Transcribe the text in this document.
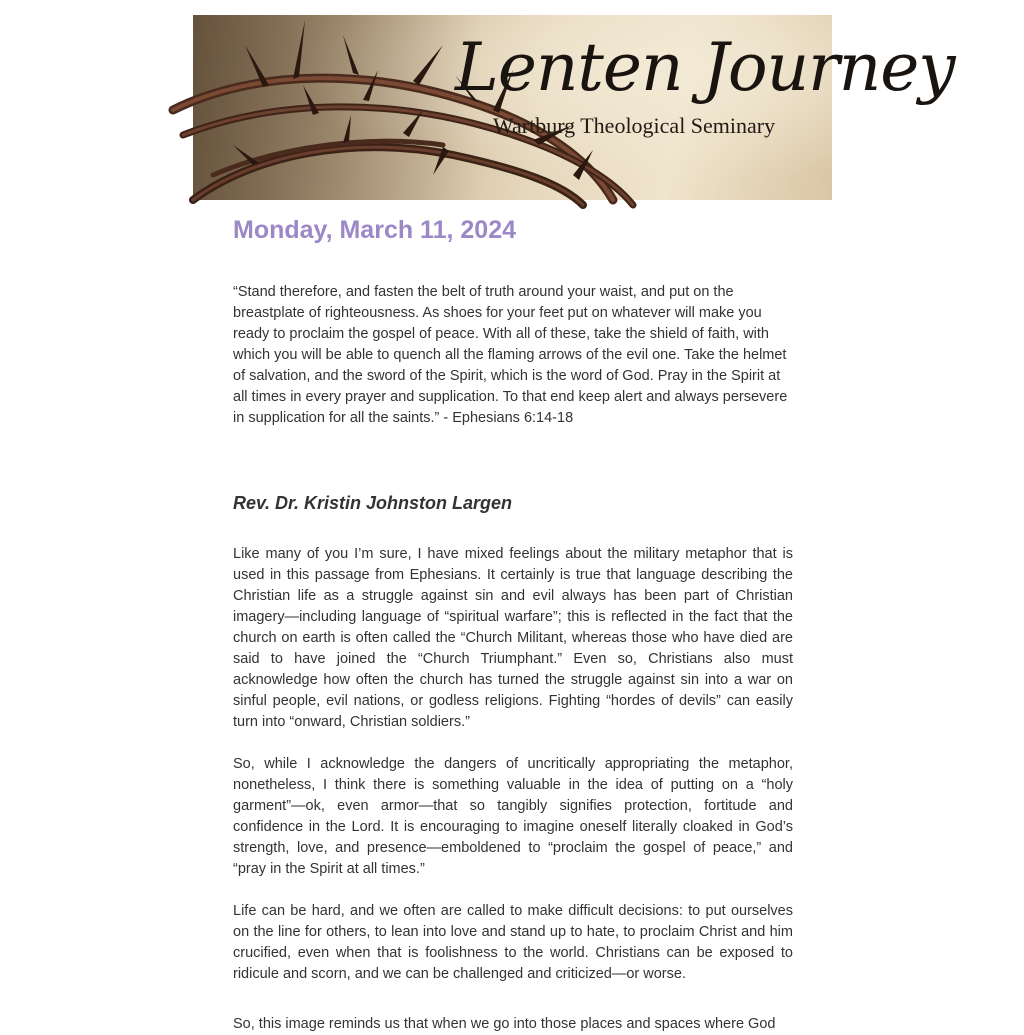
Lenten Journey
Wartburg Theological Seminary
Monday, March 11, 2024

“Stand therefore, and fasten the belt of truth around your waist, and put on the breastplate of righteousness. As shoes for your feet put on whatever will make you ready to proclaim the gospel of peace. With all of these, take the shield of faith, with which you will be able to quench all the flaming arrows of the evil one. Take the helmet of salvation, and the sword of the Spirit, which is the word of God. Pray in the Spirit at all times in every prayer and supplication. To that end keep alert and always persevere in supplication for all the saints.” - Ephesians 6:14-18

Rev. Dr. Kristin Johnston Largen

Like many of you I’m sure, I have mixed feelings about the military metaphor that is used in this passage from Ephesians. It certainly is true that language describing the Christian life as a struggle against sin and evil always has been part of Christian imagery—including language of “spiritual warfare”; this is reflected in the fact that the church on earth is often called the “Church Militant, whereas those who have died are said to have joined the “Church Triumphant.” Even so, Christians also must acknowledge how often the church has turned the struggle against sin into a war on sinful people, evil nations, or godless religions. Fighting “hordes of devils” can easily turn into “onward, Christian soldiers.”

So, while I acknowledge the dangers of uncritically appropriating the metaphor, nonetheless, I think there is something valuable in the idea of putting on a “holy garment”—ok, even armor—that so tangibly signifies protection, fortitude and confidence in the Lord. It is encouraging to imagine oneself literally cloaked in God’s strength, love, and presence—emboldened to “proclaim the gospel of peace,” and “pray in the Spirit at all times.”

Life can be hard, and we often are called to make difficult decisions: to put ourselves on the line for others, to lean into love and stand up to hate, to proclaim Christ and him crucified, even when that is foolishness to the world. Christians can be exposed to ridicule and scorn, and we can be challenged and criticized—or worse.

So, this image reminds us that when we go into those places and spaces where God
